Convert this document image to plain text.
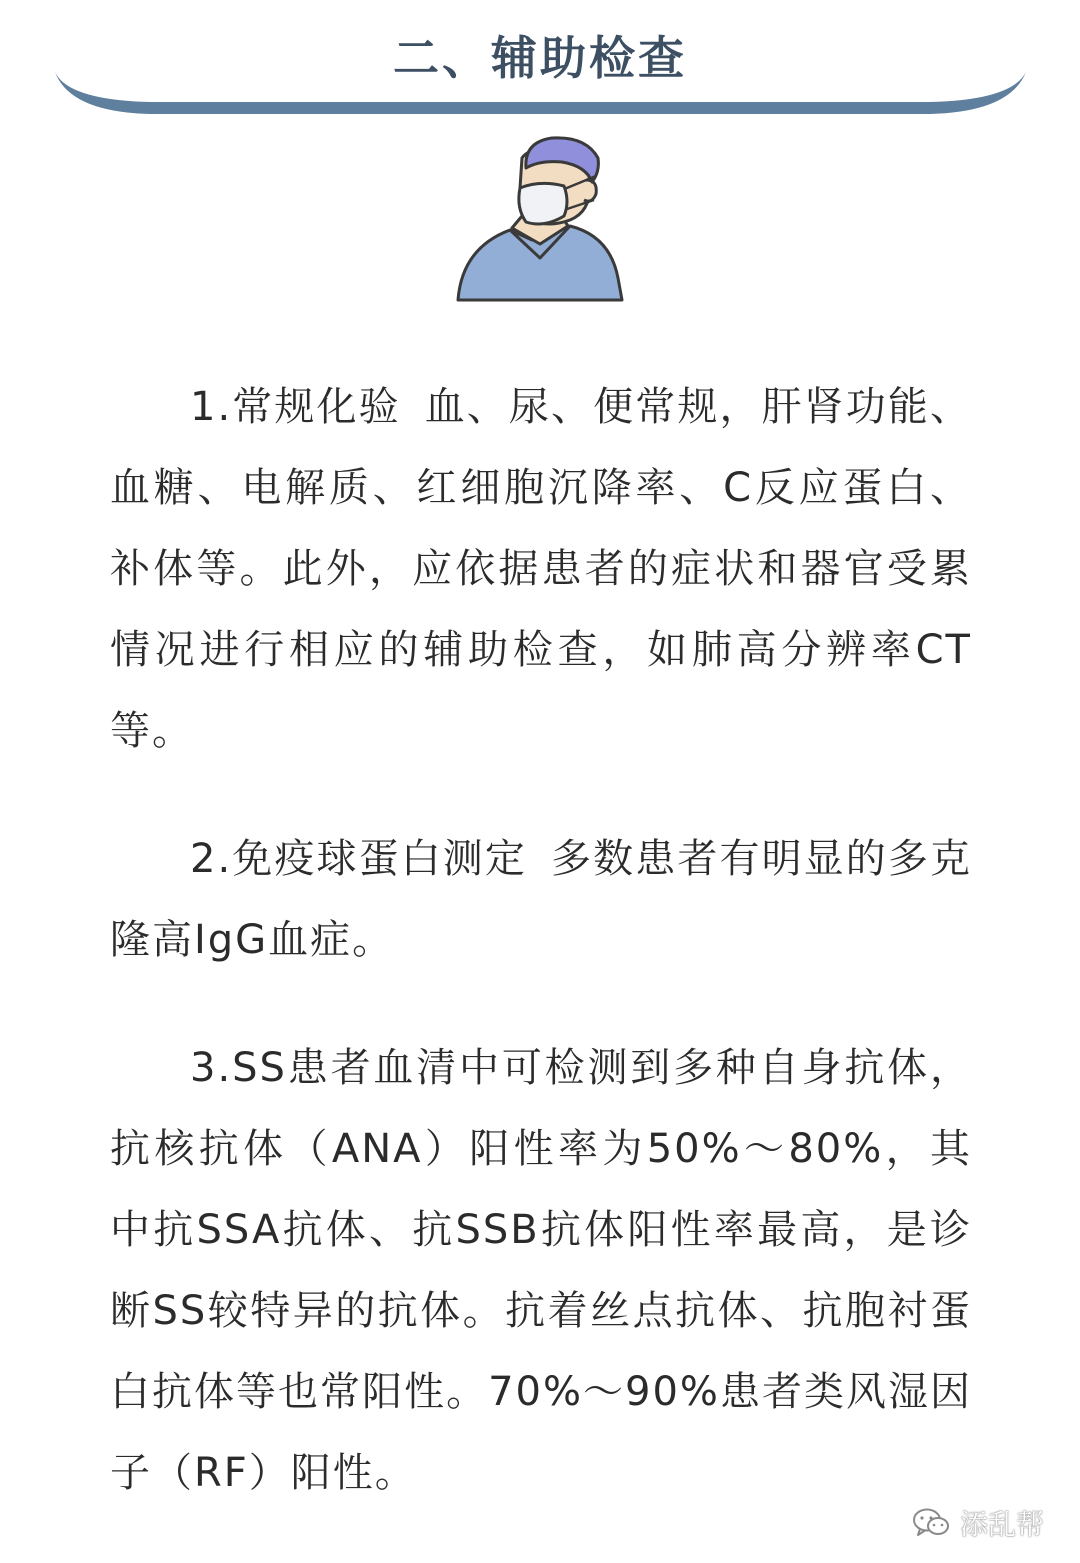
二、辅助检查

1.常规化验 血、尿、便常规，肝肾功能、血糖、电解质、红细胞沉降率、C反应蛋白、补体等。此外，应依据患者的症状和器官受累情况进行相应的辅助检查，如肺高分辨率CT等。

2.免疫球蛋白测定 多数患者有明显的多克隆高IgG血症。

3.SS患者血清中可检测到多种自身抗体，抗核抗体（ANA）阳性率为50%～80%，其中抗SSA抗体、抗SSB抗体阳性率最高，是诊断SS较特异的抗体。抗着丝点抗体、抗胞衬蛋白抗体等也常阳性。70%～90%患者类风湿因子（RF）阳性。

添乱帮
